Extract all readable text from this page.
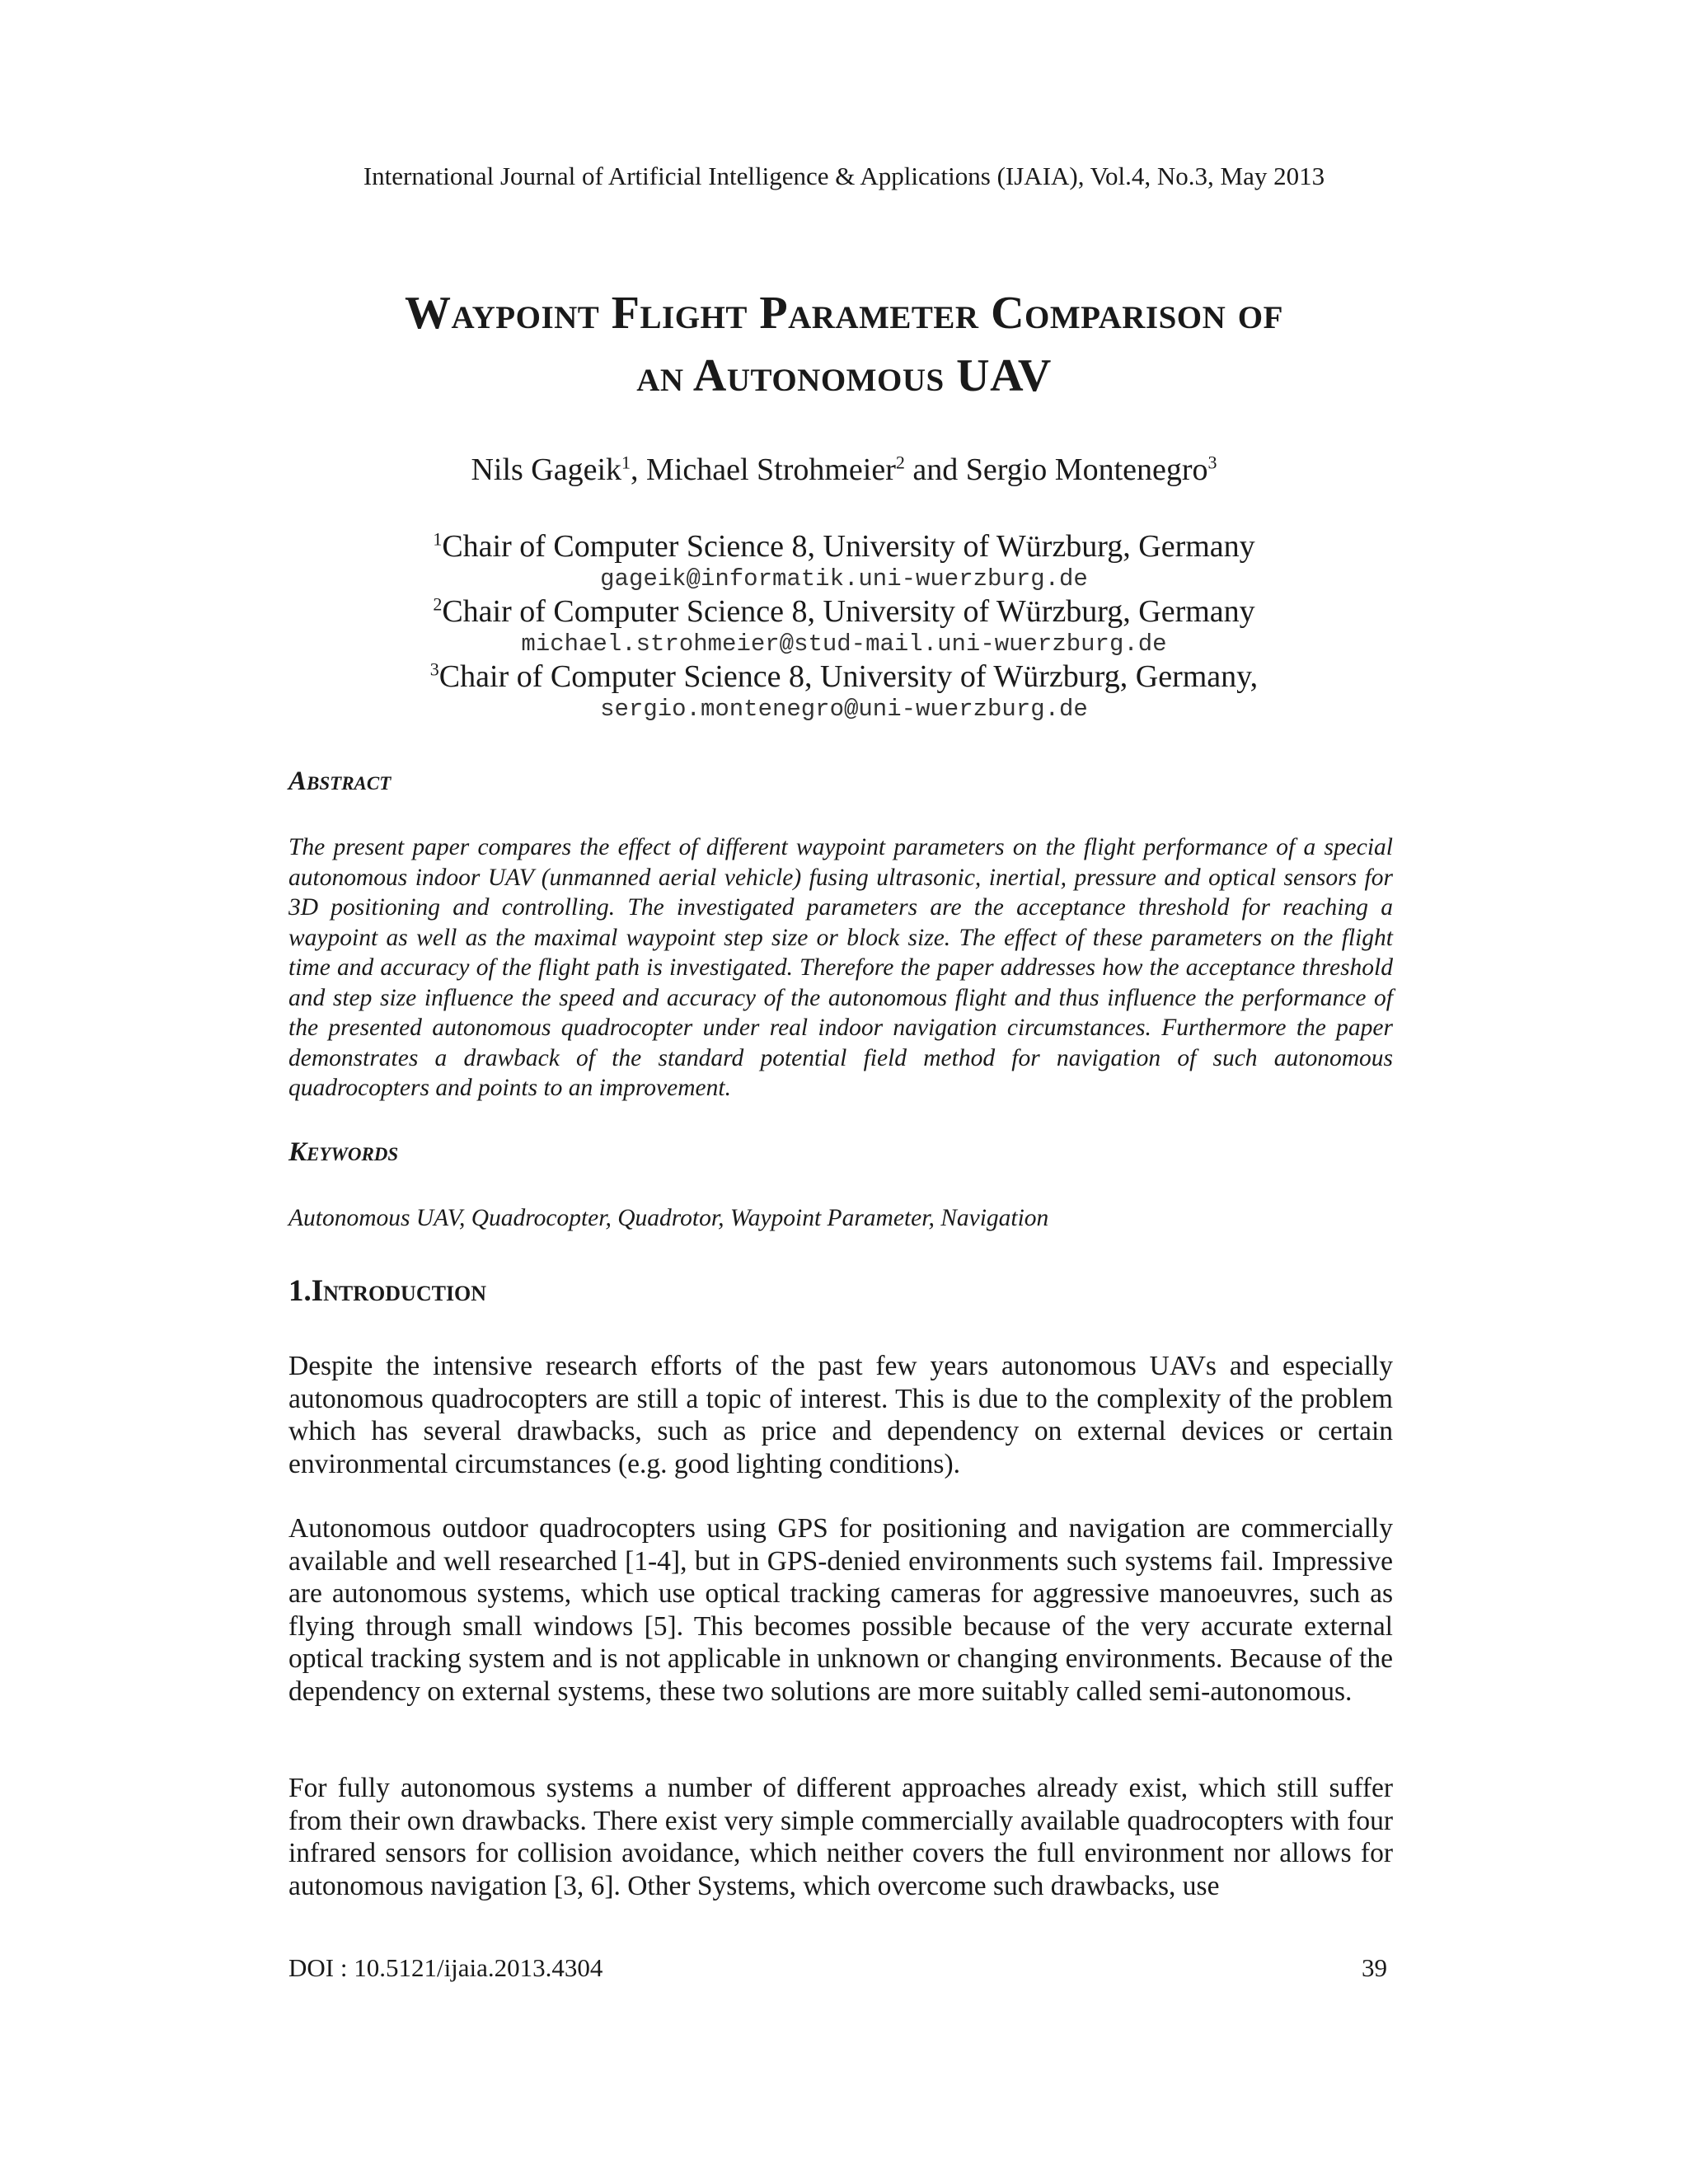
International Journal of Artificial Intelligence & Applications (IJAIA), Vol.4, No.3, May 2013
Waypoint Flight Parameter Comparison of
an Autonomous UAV
Nils Gageik$^1$, Michael Strohmeier$^2$ and Sergio Montenegro$^3$
$^1$Chair of Computer Science 8, University of Würzburg, Germany
gageik@informatik.uni-wuerzburg.de
$^2$Chair of Computer Science 8, University of Würzburg, Germany
michael.strohmeier@stud-mail.uni-wuerzburg.de
$^3$Chair of Computer Science 8, University of Würzburg, Germany,
sergio.montenegro@uni-wuerzburg.de
Abstract
The present paper compares the effect of different waypoint parameters on the flight performance of a special autonomous indoor UAV (unmanned aerial vehicle) fusing ultrasonic, inertial, pressure and optical sensors for 3D positioning and controlling. The investigated parameters are the acceptance threshold for reaching a waypoint as well as the maximal waypoint step size or block size. The effect of these parameters on the flight time and accuracy of the flight path is investigated. Therefore the paper addresses how the acceptance threshold and step size influence the speed and accuracy of the autonomous flight and thus influence the performance of the presented autonomous quadrocopter under real indoor navigation circumstances. Furthermore the paper demonstrates a drawback of the standard potential field method for navigation of such autonomous quadrocopters and points to an improvement.
Keywords
Autonomous UAV, Quadrocopter, Quadrotor, Waypoint Parameter, Navigation
1.Introduction
Despite the intensive research efforts of the past few years autonomous UAVs and especially autonomous quadrocopters are still a topic of interest. This is due to the complexity of the problem which has several drawbacks, such as price and dependency on external devices or certain environmental circumstances (e.g. good lighting conditions).
Autonomous outdoor quadrocopters using GPS for positioning and navigation are commercially available and well researched [1-4], but in GPS-denied environments such systems fail. Impressive are autonomous systems, which use optical tracking cameras for aggressive manoeuvres, such as flying through small windows [5]. This becomes possible because of the very accurate external optical tracking system and is not applicable in unknown or changing environments. Because of the dependency on external systems, these two solutions are more suitably called semi-autonomous.
For fully autonomous systems a number of different approaches already exist, which still suffer from their own drawbacks. There exist very simple commercially available quadrocopters with four infrared sensors for collision avoidance, which neither covers the full environment nor allows for autonomous navigation [3, 6]. Other Systems, which overcome such drawbacks, use
DOI : 10.5121/ijaia.2013.4304	39
